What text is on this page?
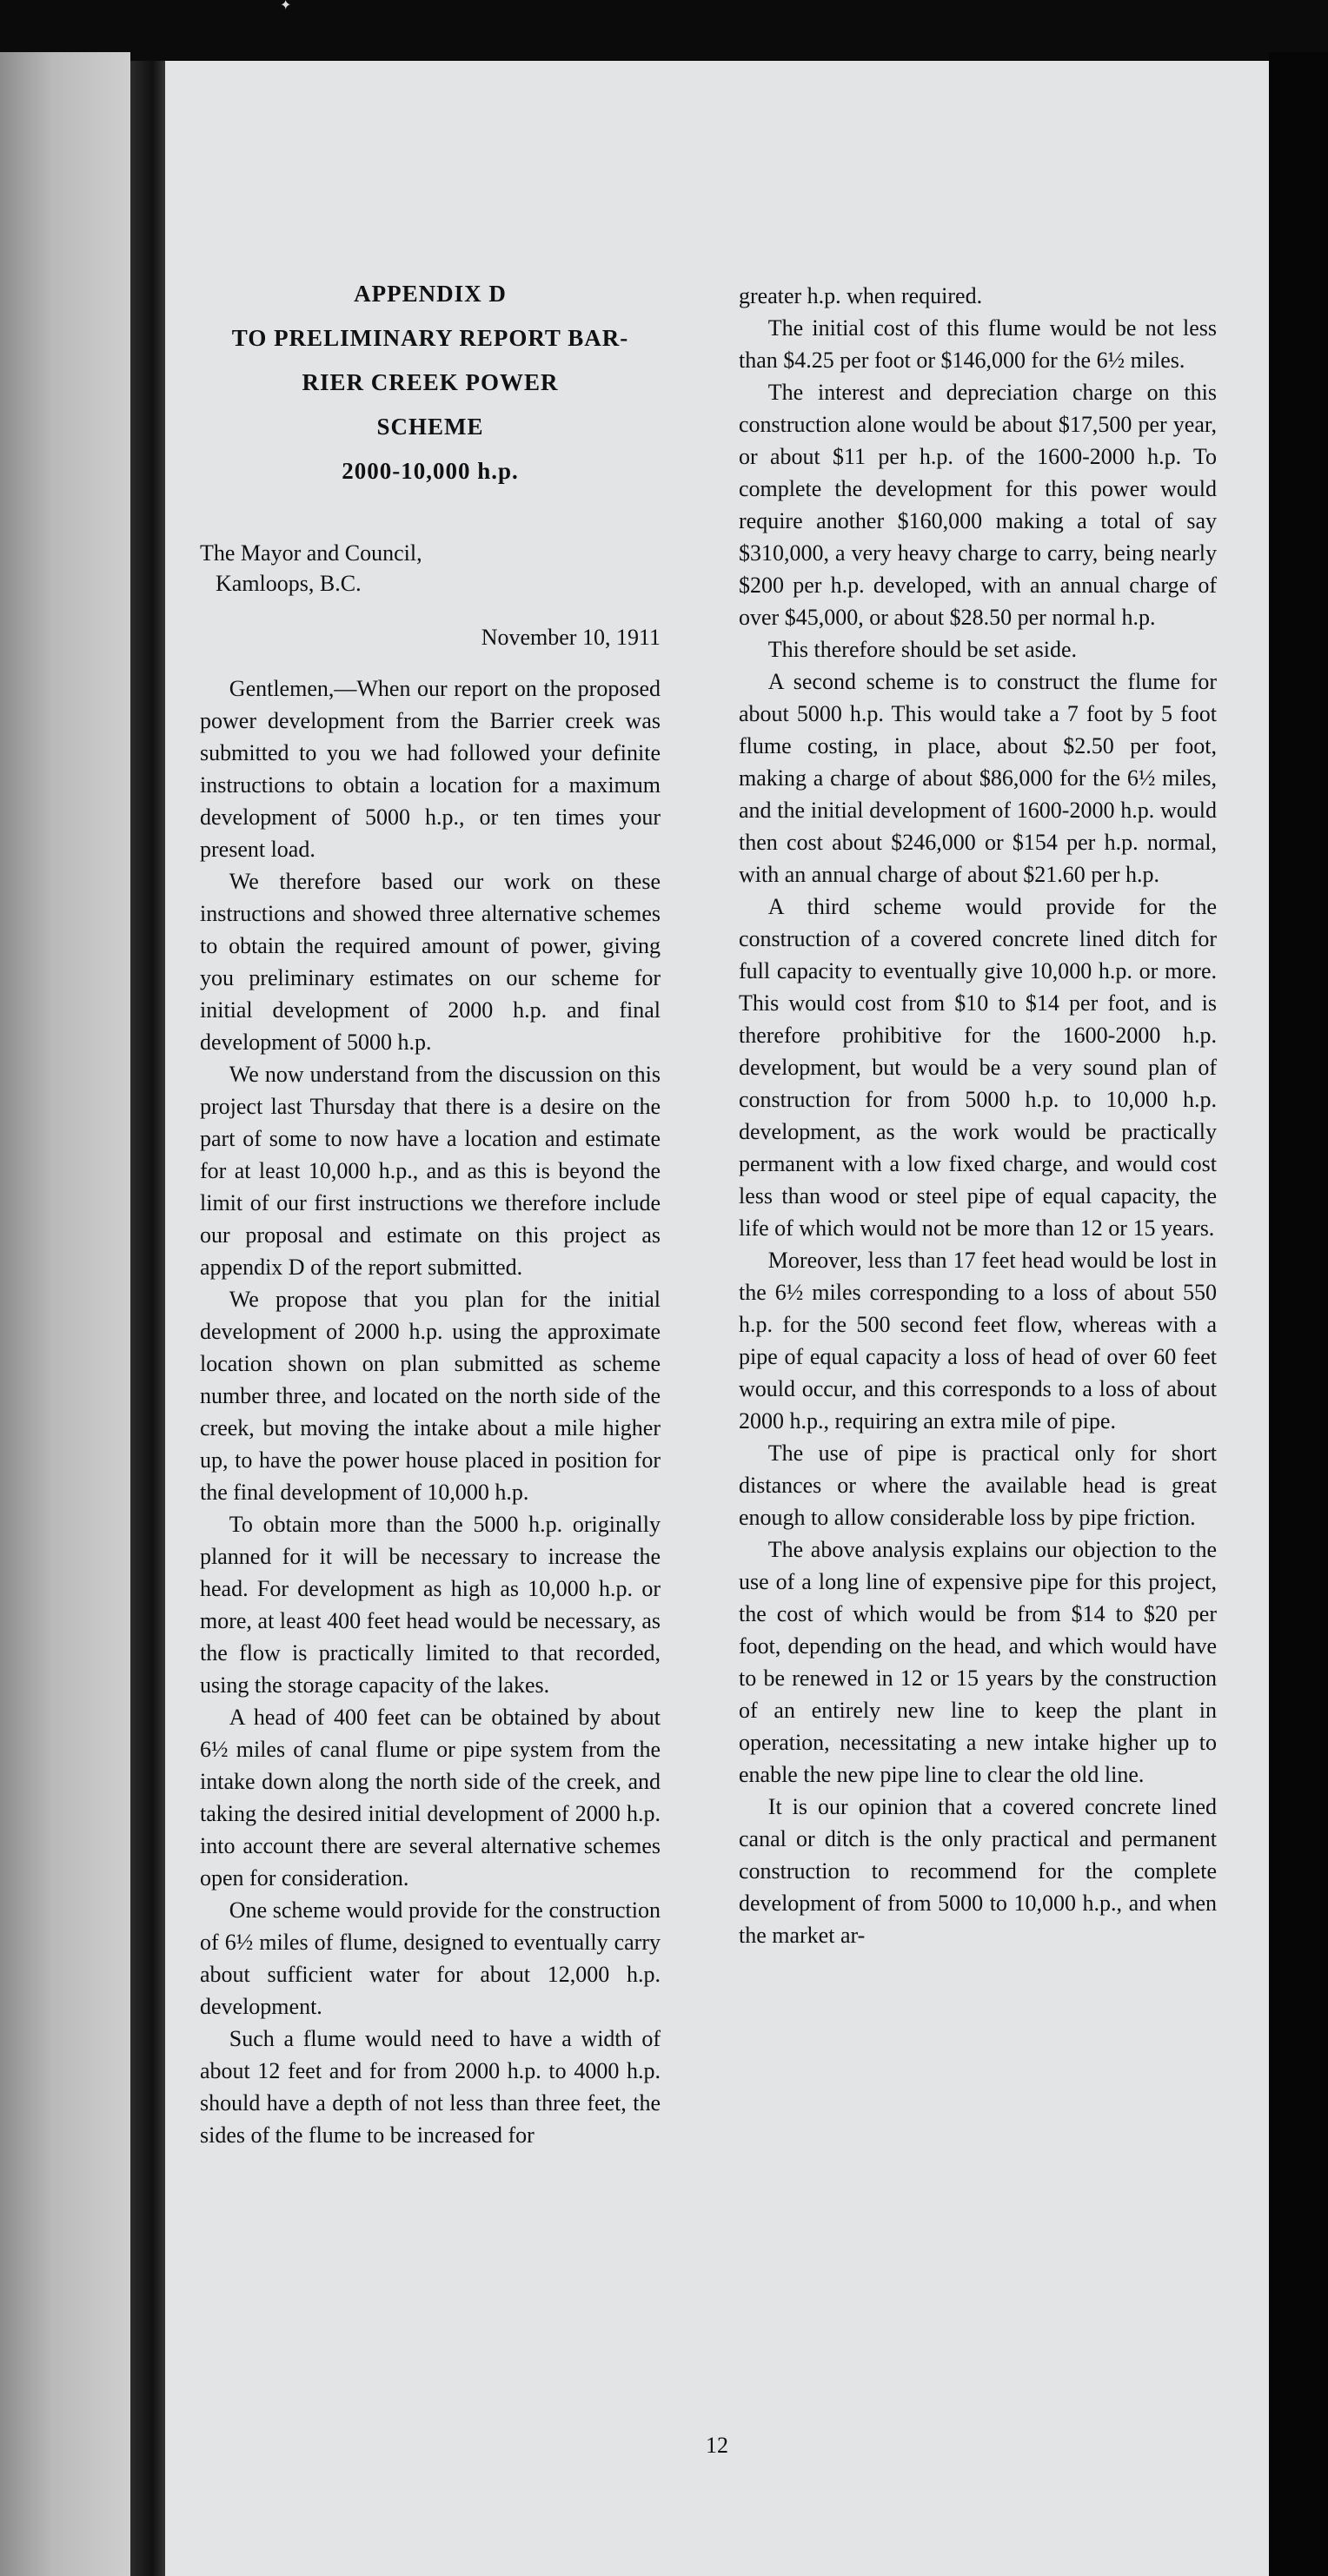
✦
APPENDIX D
TO PRELIMINARY REPORT BAR-
RIER CREEK POWER
SCHEME
2000-10,000 h.p.
The Mayor and Council,
Kamloops, B.C.
November 10, 1911

Gentlemen,—When our report on the proposed power development from the Barrier creek was submitted to you we had followed your definite instructions to obtain a location for a maximum development of 5000 h.p., or ten times your present load.

We therefore based our work on these instructions and showed three alternative schemes to obtain the required amount of power, giving you preliminary estimates on our scheme for initial development of 2000 h.p. and final development of 5000 h.p.

We now understand from the discussion on this project last Thursday that there is a desire on the part of some to now have a location and estimate for at least 10,000 h.p., and as this is beyond the limit of our first instructions we therefore include our proposal and estimate on this project as appendix D of the report submitted.

We propose that you plan for the initial development of 2000 h.p. using the approximate location shown on plan submitted as scheme number three, and located on the north side of the creek, but moving the intake about a mile higher up, to have the power house placed in position for the final development of 10,000 h.p.

To obtain more than the 5000 h.p. originally planned for it will be necessary to increase the head. For development as high as 10,000 h.p. or more, at least 400 feet head would be necessary, as the flow is practically limited to that recorded, using the storage capacity of the lakes.

A head of 400 feet can be obtained by about 6½ miles of canal flume or pipe system from the intake down along the north side of the creek, and taking the desired initial development of 2000 h.p. into account there are several alternative schemes open for consideration.

One scheme would provide for the construction of 6½ miles of flume, designed to eventually carry about sufficient water for about 12,000 h.p. development.

Such a flume would need to have a width of about 12 feet and for from 2000 h.p. to 4000 h.p. should have a depth of not less than three feet, the sides of the flume to be increased for

greater h.p. when required.

The initial cost of this flume would be not less than $4.25 per foot or $146,000 for the 6½ miles.

The interest and depreciation charge on this construction alone would be about $17,500 per year, or about $11 per h.p. of the 1600-2000 h.p. To complete the development for this power would require another $160,000 making a total of say $310,000, a very heavy charge to carry, being nearly $200 per h.p. developed, with an annual charge of over $45,000, or about $28.50 per normal h.p.

This therefore should be set aside.

A second scheme is to construct the flume for about 5000 h.p. This would take a 7 foot by 5 foot flume costing, in place, about $2.50 per foot, making a charge of about $86,000 for the 6½ miles, and the initial development of 1600-2000 h.p. would then cost about $246,000 or $154 per h.p. normal, with an annual charge of about $21.60 per h.p.

A third scheme would provide for the construction of a covered concrete lined ditch for full capacity to eventually give 10,000 h.p. or more. This would cost from $10 to $14 per foot, and is therefore prohibitive for the 1600-2000 h.p. development, but would be a very sound plan of construction for from 5000 h.p. to 10,000 h.p. development, as the work would be practically permanent with a low fixed charge, and would cost less than wood or steel pipe of equal capacity, the life of which would not be more than 12 or 15 years.

Moreover, less than 17 feet head would be lost in the 6½ miles corresponding to a loss of about 550 h.p. for the 500 second feet flow, whereas with a pipe of equal capacity a loss of head of over 60 feet would occur, and this corresponds to a loss of about 2000 h.p., requiring an extra mile of pipe.

The use of pipe is practical only for short distances or where the available head is great enough to allow considerable loss by pipe friction.

The above analysis explains our objection to the use of a long line of expensive pipe for this project, the cost of which would be from $14 to $20 per foot, depending on the head, and which would have to be renewed in 12 or 15 years by the construction of an entirely new line to keep the plant in operation, necessitating a new intake higher up to enable the new pipe line to clear the old line.

It is our opinion that a covered concrete lined canal or ditch is the only practical and permanent construction to recommend for the complete development of from 5000 to 10,000 h.p., and when the market ar-

12
